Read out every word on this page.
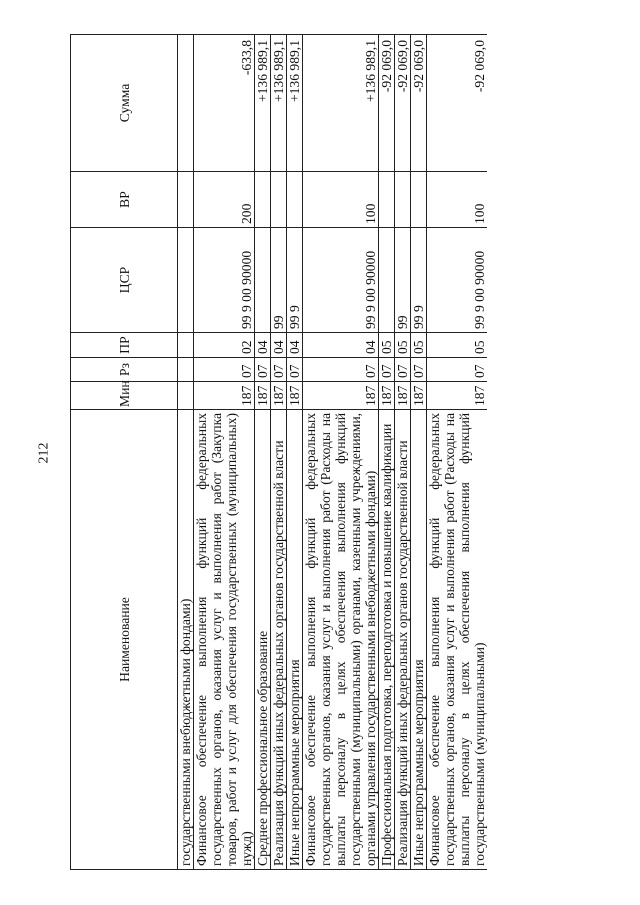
212
Наименование	Мин	Рз	ПР	ЦСР	ВР	Сумма
государственными внебюджетными фондами)						
Финансовое обеспечение выполнения функций федеральных государственных органов, оказания услуг и выполнения работ (Закупка товаров, работ и услуг для обеспечения государственных (муниципальных) нужд)	187	07	02	99 9 00 90000	200	-633,8
Среднее профессиональное образование	187	07	04			+136 989,1
Реализация функций иных федеральных органов государственной власти	187	07	04	99		+136 989,1
Иные непрограммные мероприятия	187	07	04	99 9		+136 989,1
Финансовое обеспечение выполнения функций федеральных государственных органов, оказания услуг и выполнения работ (Расходы на выплаты персоналу в целях обеспечения выполнения функций государственными (муниципальными) органами, казенными учреждениями, органами управления государственными внебюджетными фондами)	187	07	04	99 9 00 90000	100	+136 989,1
Профессиональная подготовка, переподготовка и повышение квалификации	187	07	05			-92 069,0
Реализация функций иных федеральных органов государственной власти	187	07	05	99		-92 069,0
Иные непрограммные мероприятия	187	07	05	99 9		-92 069,0
Финансовое обеспечение выполнения функций федеральных государственных органов, оказания услуг и выполнения работ (Расходы на выплаты персоналу в целях обеспечения выполнения функций государственными (муниципальными)	187	07	05	99 9 00 90000	100	-92 069,0
